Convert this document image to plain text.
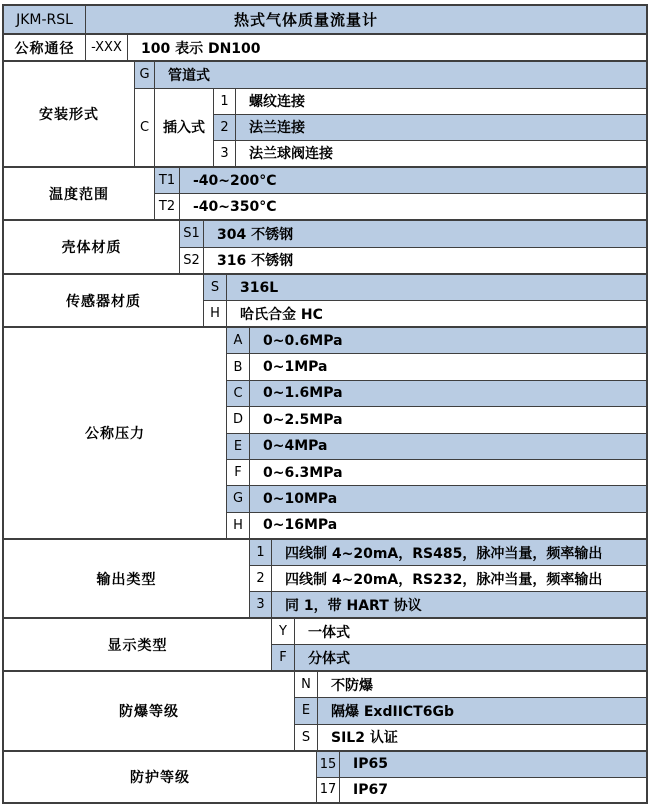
JKM-RSL	热式气体质量流量计
公称通径	-XXX	100 表示 DN100
安装形式
G	管道式
C 插入式
1	螺纹连接
2	法兰连接
3	法兰球阀连接
温度范围
T1	-40~200°C
T2	-40~350°C
壳体材质
S1	304 不锈钢
S2	316 不锈钢
传感器材质
S	316L
H	哈氏合金 HC
公称压力
A	0~0.6MPa
B	0~1MPa
C	0~1.6MPa
D	0~2.5MPa
E	0~4MPa
F	0~6.3MPa
G	0~10MPa
H	0~16MPa
输出类型
1	四线制 4~20mA，RS485，脉冲当量，频率输出
2	四线制 4~20mA，RS232，脉冲当量，频率输出
3	同 1，带 HART 协议
显示类型
Y	一体式
F	分体式
防爆等级
N	不防爆
E	隔爆 ExdIICT6Gb
S	SIL2 认证
防护等级
15	IP65
17	IP67
